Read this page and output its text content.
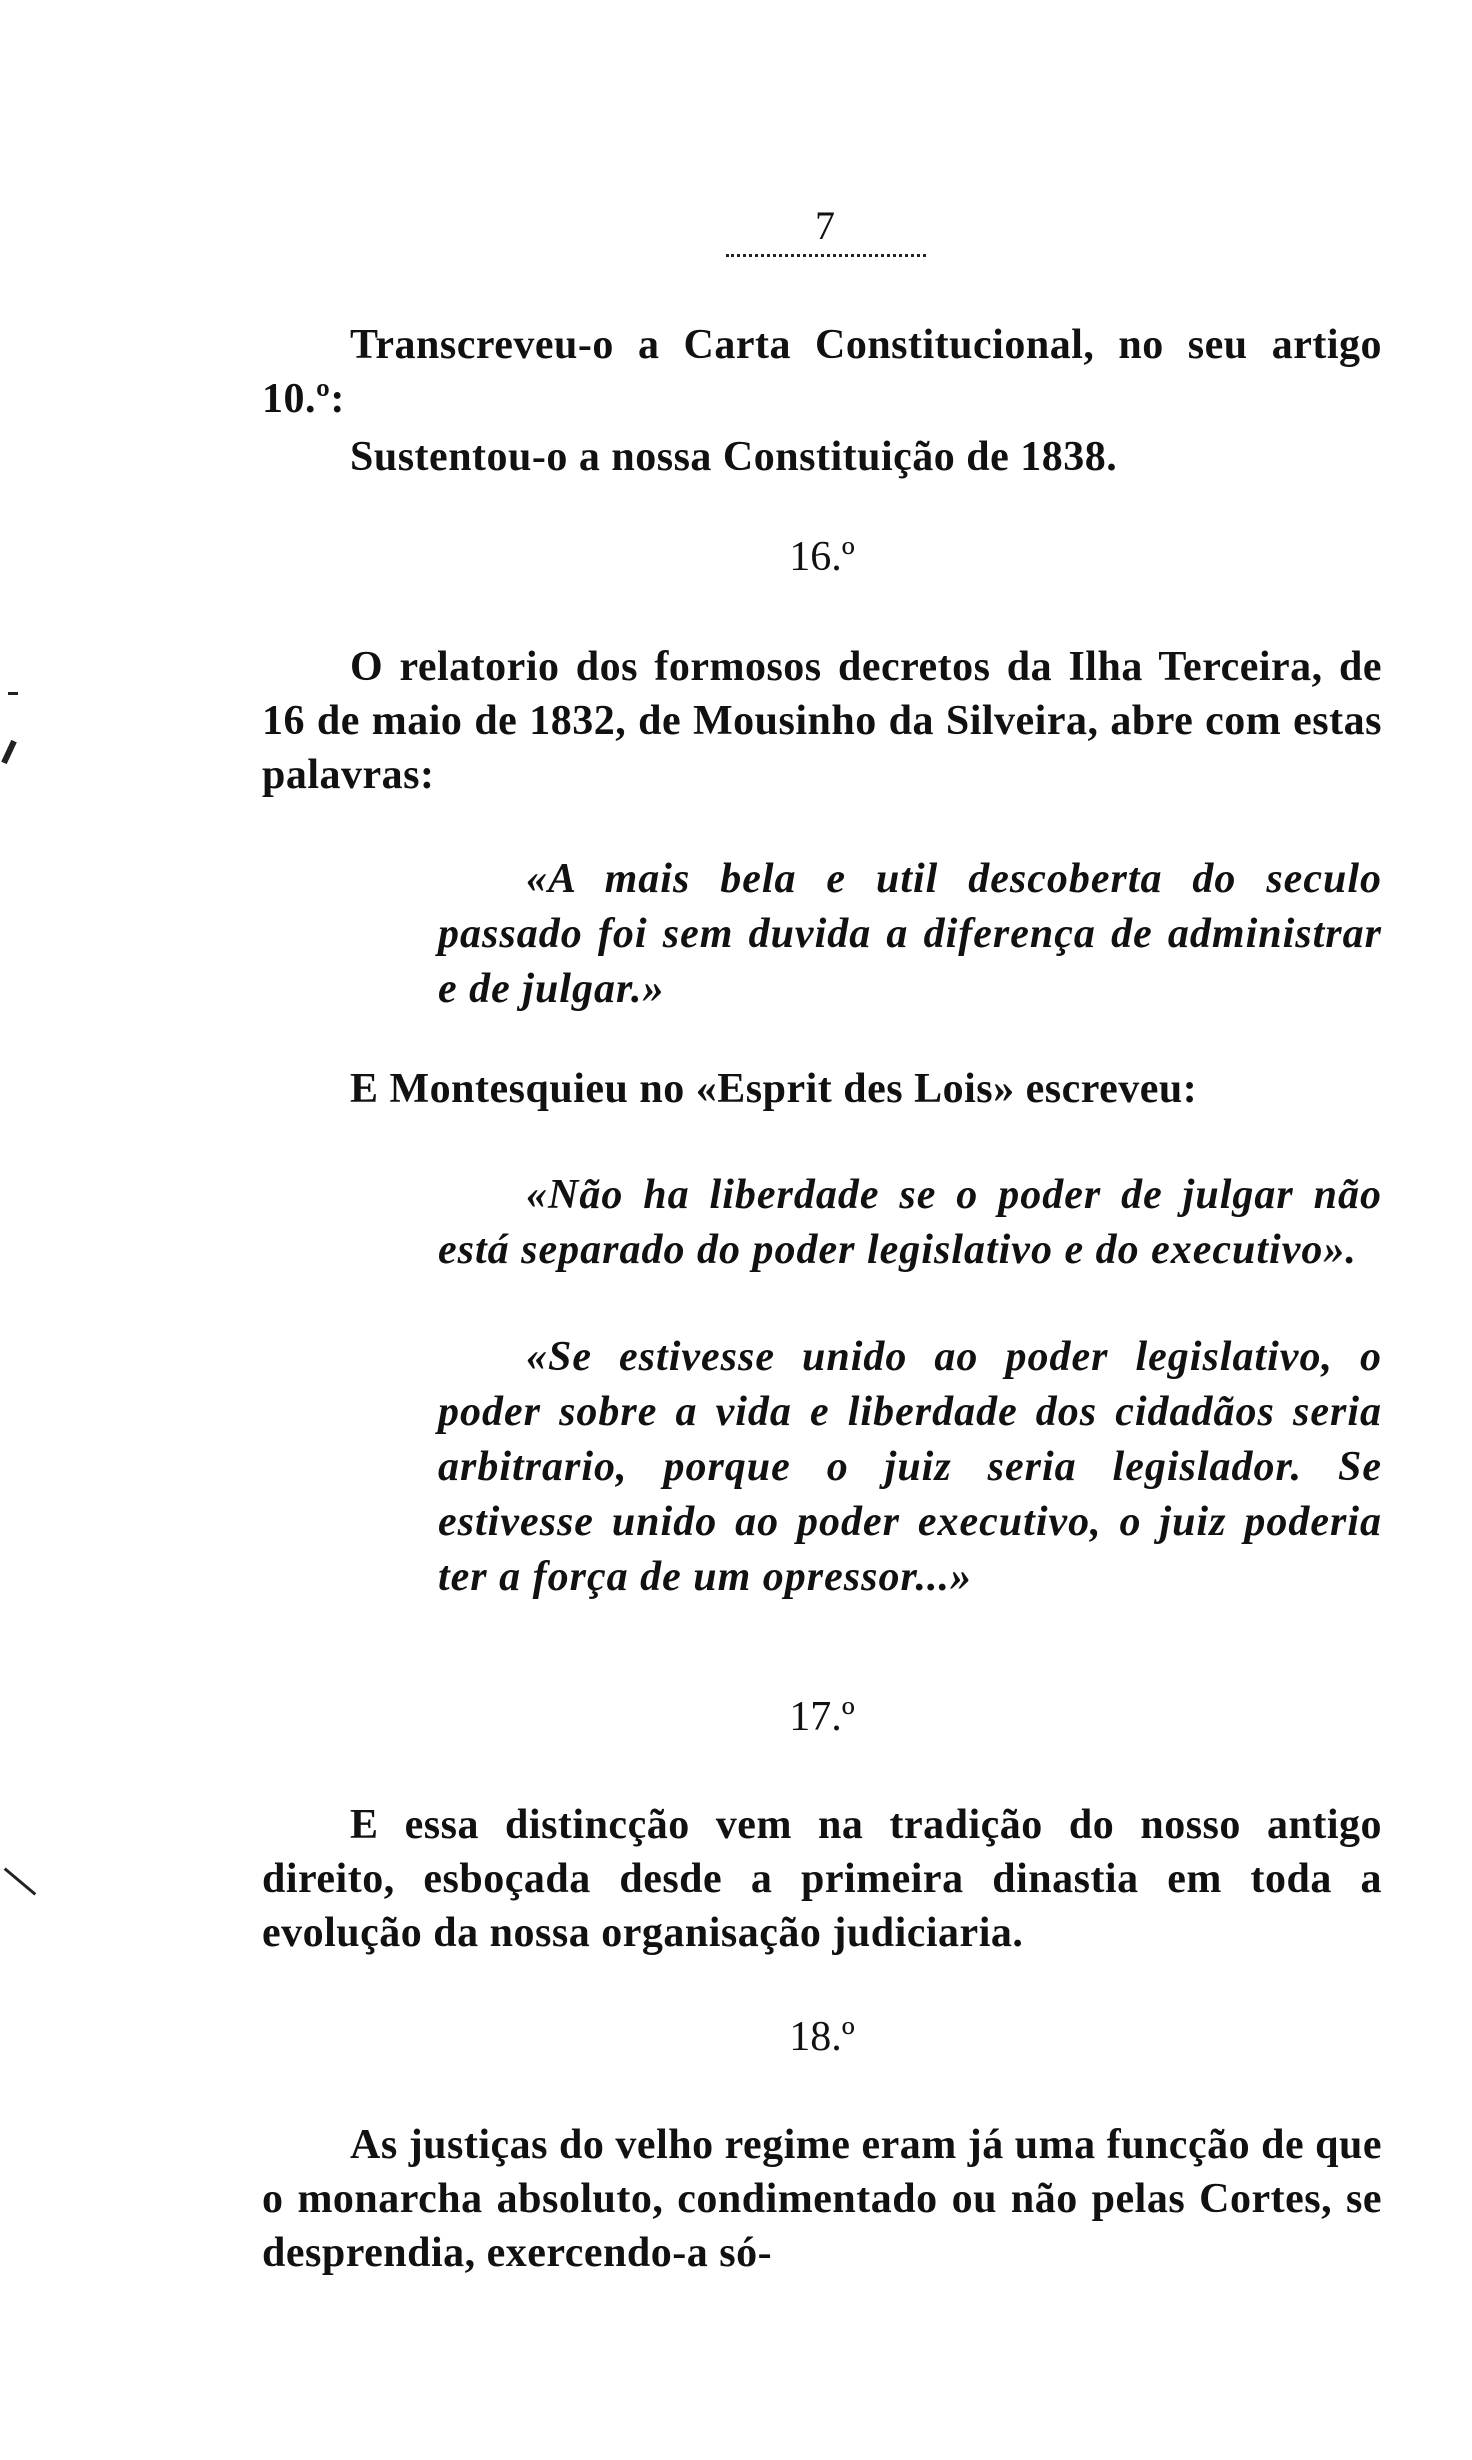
7

Transcreveu-o a Carta Constitucional, no seu artigo 10.º:

Sustentou-o a nossa Constituição de 1838.

16.º

O relatorio dos formosos decretos da Ilha Terceira, de 16 de maio de 1832, de Mousinho da Silveira, abre com estas palavras:

«A mais bela e util descoberta do seculo passado foi sem duvida a diferença de administrar e de julgar.»

E Montesquieu no «Esprit des Lois» escreveu:

«Não ha liberdade se o poder de julgar não está separado do poder legislativo e do executivo».

«Se estivesse unido ao poder legislativo, o poder sobre a vida e liberdade dos cidadãos seria arbitrario, porque o juiz seria legislador. Se estivesse unido ao poder executivo, o juiz poderia ter a força de um opressor...»

17.º

E essa distincção vem na tradição do nosso antigo direito, esboçada desde a primeira dinastia em toda a evolução da nossa organisação judiciaria.

18.º

As justiças do velho regime eram já uma funcção de que o monarcha absoluto, condimentado ou não pelas Cortes, se desprendia, exercendo-a só-
